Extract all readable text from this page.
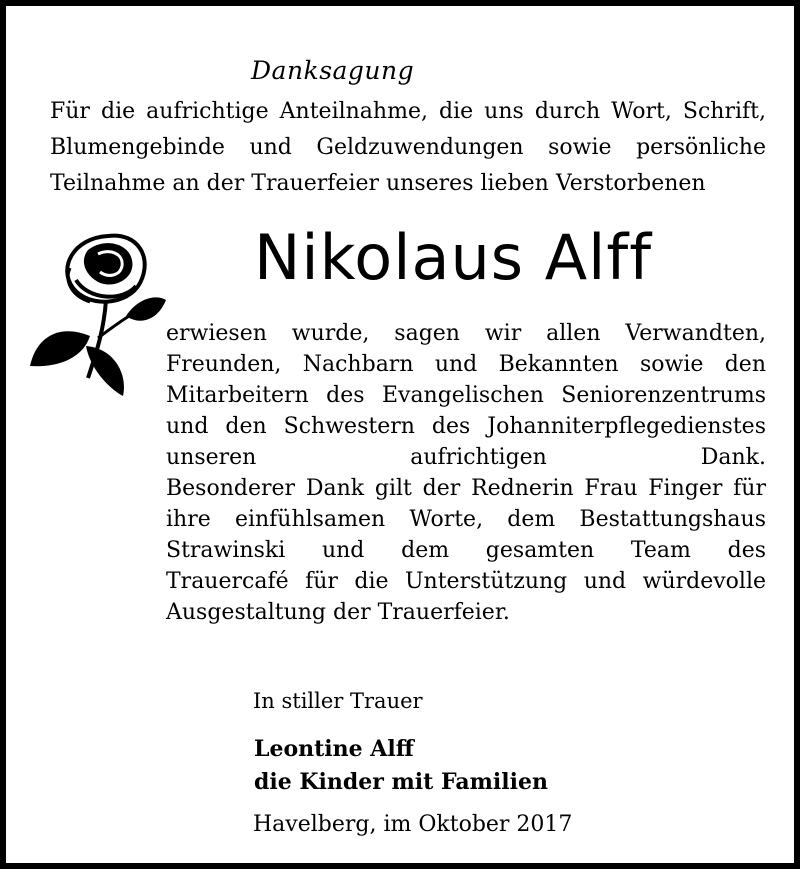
Danksagung
Für die aufrichtige Anteilnahme, die uns durch Wort, Schrift,
Blumengebinde und Geldzuwendungen sowie persönliche
Teilnahme an der Trauerfeier unseres lieben Verstorbenen
Nikolaus Alff
erwiesen wurde, sagen wir allen Verwandten,
Freunden, Nachbarn und Bekannten sowie den
Mitarbeitern des Evangelischen Seniorenzentrums
und den Schwestern des Johanniterpflegedienstes
unseren aufrichtigen Dank.
Besonderer Dank gilt der Rednerin Frau Finger für
ihre einfühlsamen Worte, dem Bestattungshaus
Strawinski und dem gesamten Team des
Trauercafé für die Unterstützung und würdevolle
Ausgestaltung der Trauerfeier.
In stiller Trauer
Leontine Alff
die Kinder mit Familien
Havelberg, im Oktober 2017
